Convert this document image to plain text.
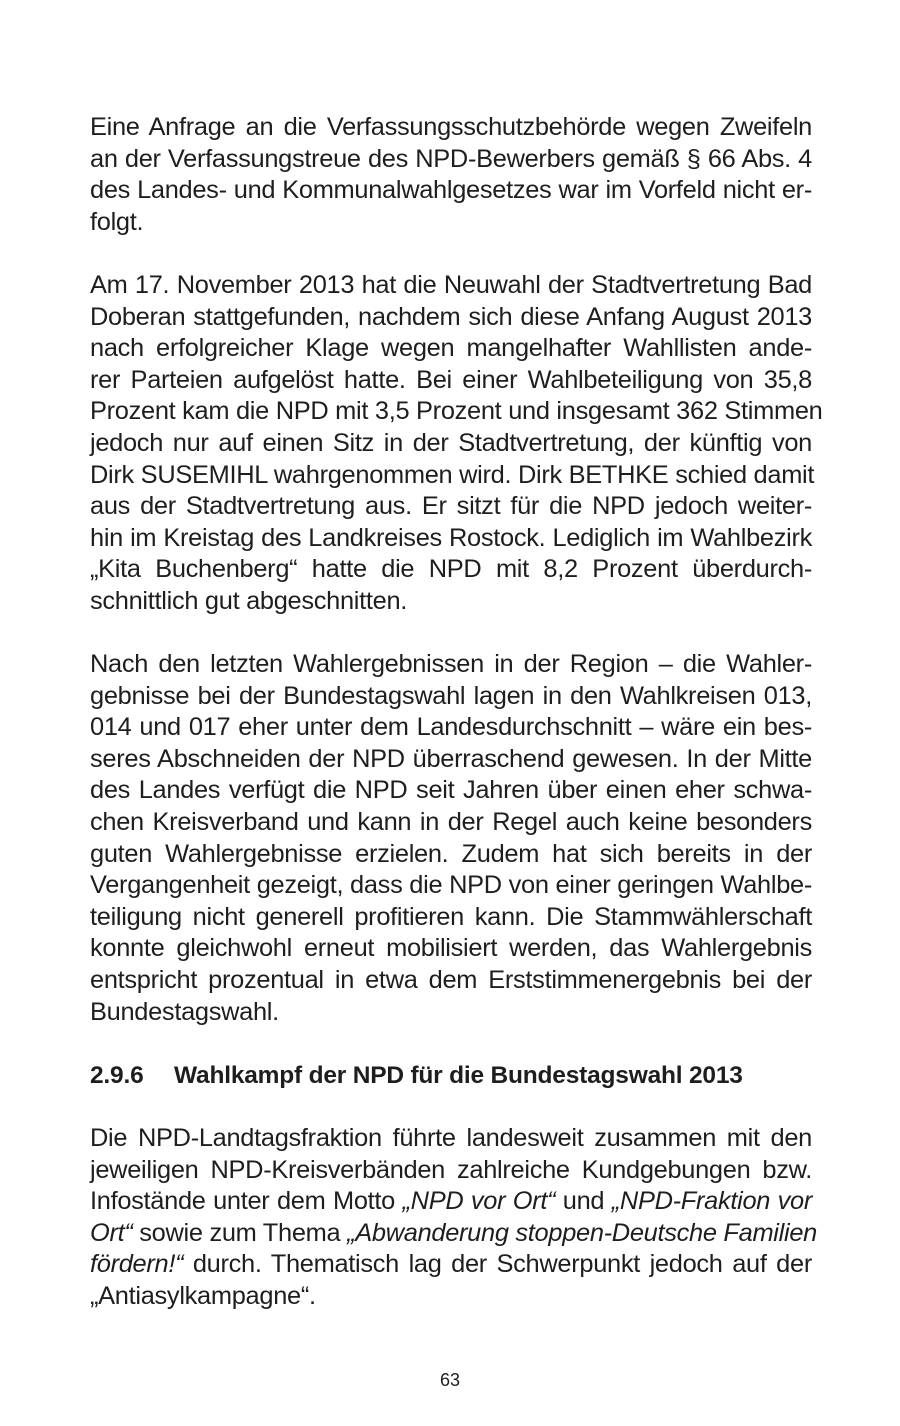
Eine Anfrage an die Verfassungsschutzbehörde wegen Zweifeln
an der Verfassungstreue des NPD-Bewerbers gemäß § 66 Abs. 4
des Landes- und Kommunalwahlgesetzes war im Vorfeld nicht er-
folgt.
Am 17. November 2013 hat die Neuwahl der Stadtvertretung Bad
Doberan stattgefunden, nachdem sich diese Anfang August 2013
nach erfolgreicher Klage wegen mangelhafter Wahllisten ande-
rer Parteien aufgelöst hatte. Bei einer Wahlbeteiligung von 35,8
Prozent kam die NPD mit 3,5 Prozent und insgesamt 362 Stimmen
jedoch nur auf einen Sitz in der Stadtvertretung, der künftig von
Dirk SUSEMIHL wahrgenommen wird. Dirk BETHKE schied damit
aus der Stadtvertretung aus. Er sitzt für die NPD jedoch weiter-
hin im Kreistag des Landkreises Rostock. Lediglich im Wahlbezirk
„Kita Buchenberg“ hatte die NPD mit 8,2 Prozent überdurch-
schnittlich gut abgeschnitten.
Nach den letzten Wahlergebnissen in der Region – die Wahler-
gebnisse bei der Bundestagswahl lagen in den Wahlkreisen 013,
014 und 017 eher unter dem Landesdurchschnitt – wäre ein bes-
seres Abschneiden der NPD überraschend gewesen. In der Mitte
des Landes verfügt die NPD seit Jahren über einen eher schwa-
chen Kreisverband und kann in der Regel auch keine besonders
guten Wahlergebnisse erzielen. Zudem hat sich bereits in der
Vergangenheit gezeigt, dass die NPD von einer geringen Wahlbe-
teiligung nicht generell profitieren kann. Die Stammwählerschaft
konnte gleichwohl erneut mobilisiert werden, das Wahlergebnis
entspricht prozentual in etwa dem Erststimmenergebnis bei der
Bundestagswahl.
2.9.6 Wahlkampf der NPD für die Bundestagswahl 2013
Die NPD-Landtagsfraktion führte landesweit zusammen mit den
jeweiligen NPD-Kreisverbänden zahlreiche Kundgebungen bzw.
Infostände unter dem Motto „NPD vor Ort“ und „NPD-Fraktion vor
Ort“ sowie zum Thema „Abwanderung stoppen-Deutsche Familien
fördern!“ durch. Thematisch lag der Schwerpunkt jedoch auf der
„Antiasylkampagne“.
63
